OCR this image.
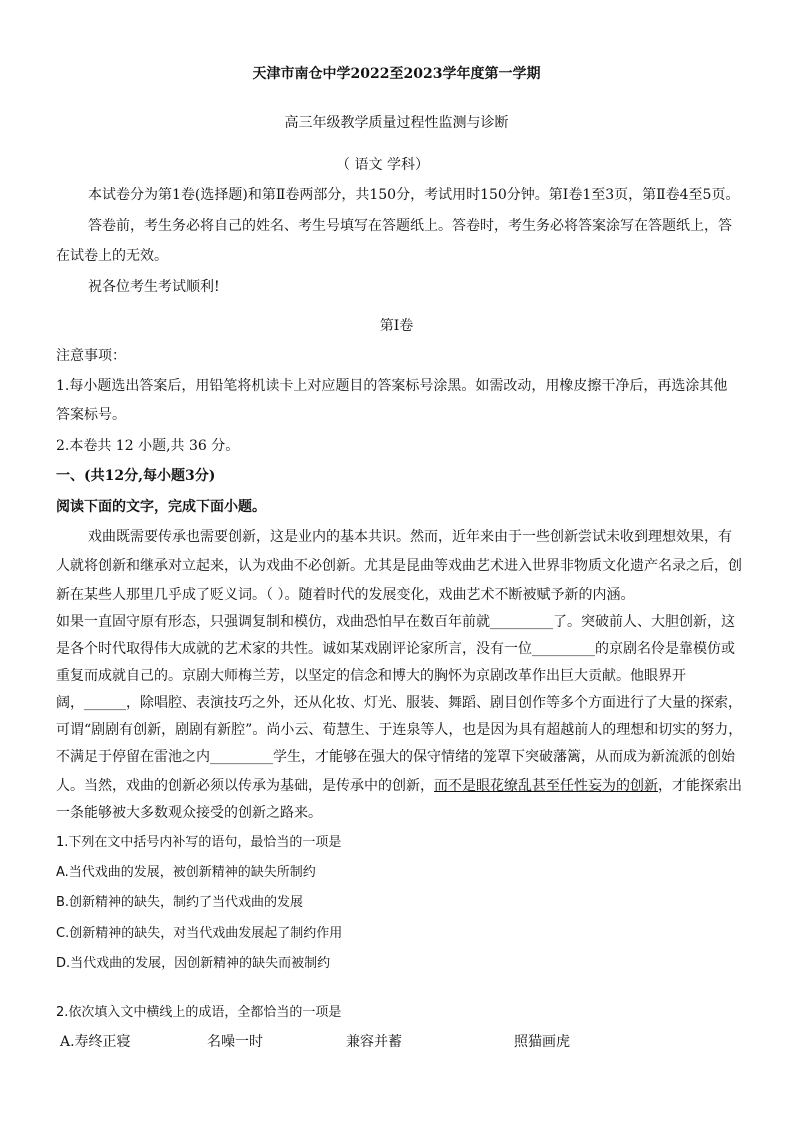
天津市南仓中学2022至2023学年度第一学期
高三年级教学质量过程性监测与诊断
（ 语文 学科）
本试卷分为第1卷(选择题)和第Ⅱ卷两部分，共150分，考试用时150分钟。第Ⅰ卷1至3页，第Ⅱ卷4至5页。
答卷前，考生务必将自己的姓名、考生号填写在答题纸上。答卷时，考生务必将答案涂写在答题纸上，答
在试卷上的无效。
祝各位考生考试顺利!
第Ⅰ卷
注意事项：
1.每小题选出答案后，用铅笔将机读卡上对应题目的答案标号涂黑。如需改动，用橡皮擦干净后，再选涂其他
答案标号。
2.本卷共 12 小题,共 36 分。
一、(共12分,每小题3分)
阅读下面的文字，完成下面小题。
戏曲既需要传承也需要创新，这是业内的基本共识。然而，近年来由于一些创新尝试未收到理想效果，有
人就将创新和继承对立起来，认为戏曲不必创新。尤其是昆曲等戏曲艺术进入世界非物质文化遗产名录之后，创
新在某些人那里几乎成了贬义词。（ ）。随着时代的发展变化，戏曲艺术不断被赋予新的内涵。
如果一直固守原有形态，只强调复制和模仿，戏曲恐怕早在数百年前就_________了。突破前人、大胆创新，这
是各个时代取得伟大成就的艺术家的共性。诚如某戏剧评论家所言，没有一位_________的京剧名伶是靠模仿或
重复而成就自己的。京剧大师梅兰芳，以坚定的信念和博大的胸怀为京剧改革作出巨大贡献。他眼界开
阔，______，除唱腔、表演技巧之外，还从化妆、灯光、服装、舞蹈、剧目创作等多个方面进行了大量的探索，
可谓“剧剧有创新，剧剧有新腔”。尚小云、荀慧生、于连泉等人，也是因为具有超越前人的理想和切实的努力，
不满足于停留在雷池之内_________学生，才能够在强大的保守情绪的笼罩下突破藩篱，从而成为新流派的创始
人。当然，戏曲的创新必须以传承为基础，是传承中的创新，而不是眼花缭乱甚至任性妄为的创新，才能探索出
一条能够被大多数观众接受的创新之路来。
1.下列在文中括号内补写的语句，最恰当的一项是
A.当代戏曲的发展，被创新精神的缺失所制约
B.创新精神的缺失，制约了当代戏曲的发展
C.创新精神的缺失，对当代戏曲发展起了制约作用
D.当代戏曲的发展，因创新精神的缺失而被制约
2.依次填入文中横线上的成语，全都恰当的一项是
A.寿终正寝	名噪一时	兼容并蓄	照猫画虎
